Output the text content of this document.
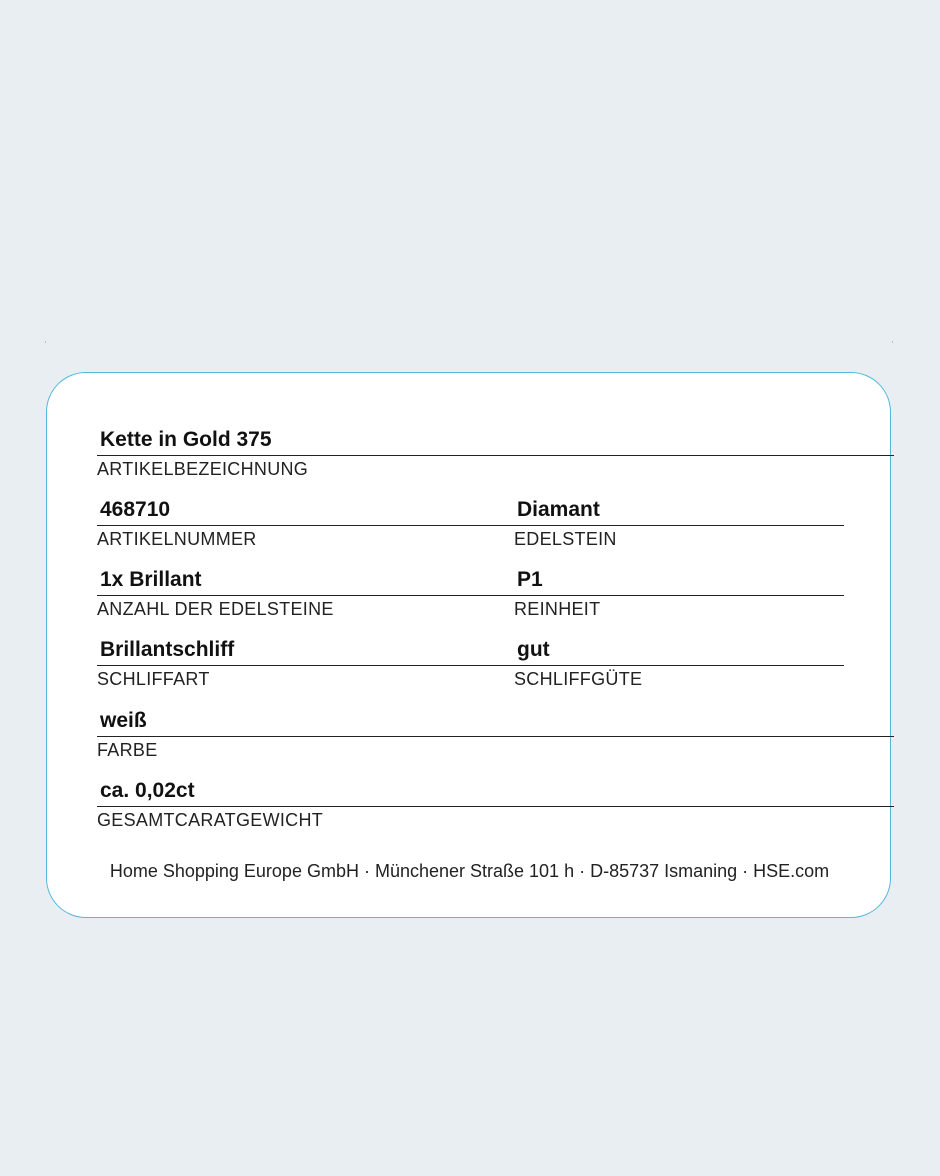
Kette in Gold 375
ARTIKELBEZEICHNUNG
468710
ARTIKELNUMMER
Diamant
EDELSTEIN
1x Brillant
ANZAHL DER EDELSTEINE
P1
REINHEIT
Brillantschliff
SCHLIFFART
gut
SCHLIFFGÜTE
weiß
FARBE
ca. 0,02ct
GESAMTCARATGEWICHT
Home Shopping Europe GmbH · Münchener Straße 101 h · D-85737 Ismaning · HSE.com
